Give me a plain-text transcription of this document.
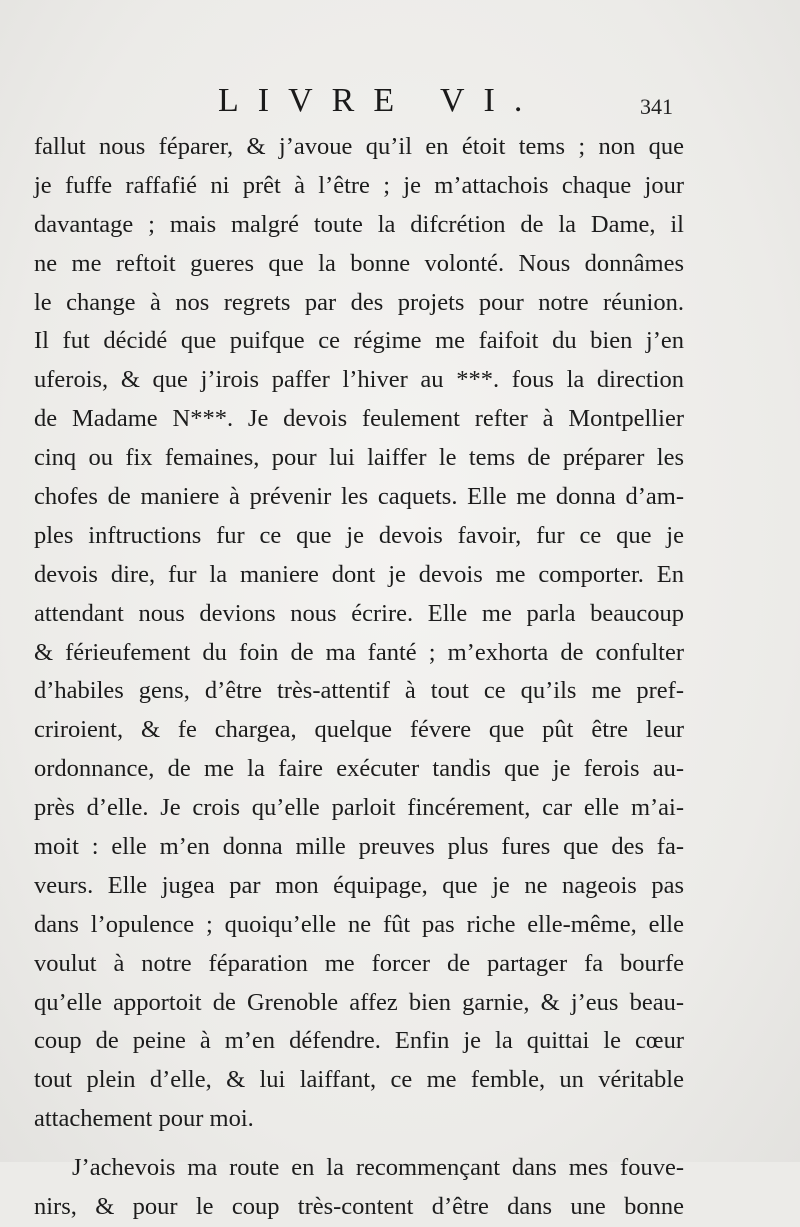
LIVRE VI.	341
fallut nous féparer, & j’avoue qu’il en étoit tems ; non que
je fuffe raffafié ni prêt à l’être ; je m’attachois chaque jour
davantage ; mais malgré toute la difcrétion de la Dame, il
ne me reftoit gueres que la bonne volonté. Nous donnâmes
le change à nos regrets par des projets pour notre réunion.
Il fut décidé que puifque ce régime me faifoit du bien j’en
uferois, & que j’irois paffer l’hiver au ***. fous la direction
de Madame N***. Je devois feulement refter à Montpellier
cinq ou fix femaines, pour lui laiffer le tems de préparer les
chofes de maniere à prévenir les caquets. Elle me donna d’am-
ples inftructions fur ce que je devois favoir, fur ce que je
devois dire, fur la maniere dont je devois me comporter. En
attendant nous devions nous écrire. Elle me parla beaucoup
& férieufement du foin de ma fanté ; m’exhorta de confulter
d’habiles gens, d’être très-attentif à tout ce qu’ils me pref-
criroient, & fe chargea, quelque févere que pût être leur
ordonnance, de me la faire exécuter tandis que je ferois au-
près d’elle. Je crois qu’elle parloit fincérement, car elle m’ai-
moit : elle m’en donna mille preuves plus fures que des fa-
veurs. Elle jugea par mon équipage, que je ne nageois pas
dans l’opulence ; quoiqu’elle ne fût pas riche elle-même, elle
voulut à notre féparation me forcer de partager fa bourfe
qu’elle apportoit de Grenoble affez bien garnie, & j’eus beau-
coup de peine à m’en défendre. Enfin je la quittai le cœur
tout plein d’elle, & lui laiffant, ce me femble, un véritable
attachement pour moi.
J’achevois ma route en la recommençant dans mes fouve-
nirs, & pour le coup très-content d’être dans une bonne
